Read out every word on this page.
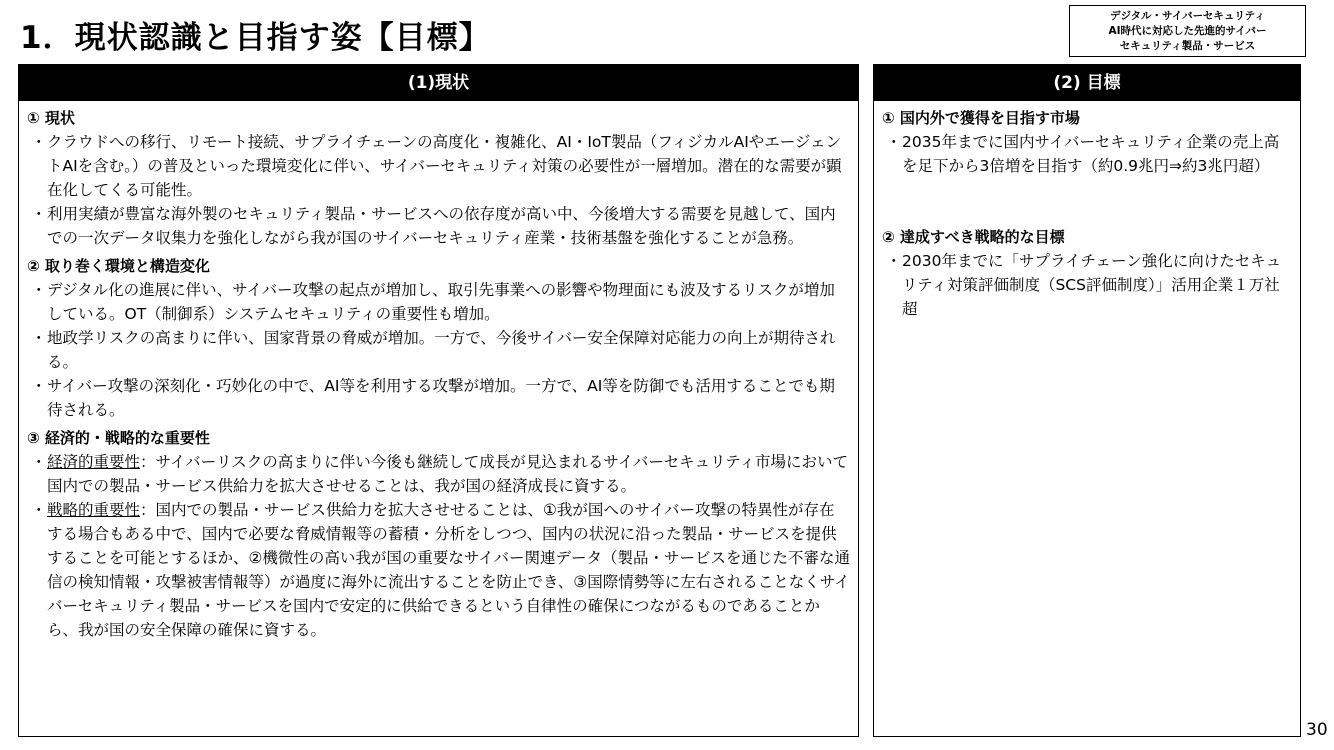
1．現状認識と目指す姿【目標】
デジタル・サイバーセキュリティ
AI時代に対応した先進的サイバー
セキュリティ製品・サービス
(1)現状
① 現状
・ クラウドへの移行、リモート接続、サプライチェーンの高度化・複雑化、AI・IoT製品（フィジカルAIやエージェントAIを含む。）の普及といった環境変化に伴い、サイバーセキュリティ対策の必要性が一層増加。潜在的な需要が顕在化してくる可能性。
・ 利用実績が豊富な海外製のセキュリティ製品・サービスへの依存度が高い中、今後増大する需要を見越して、国内での一次データ収集力を強化しながら我が国のサイバーセキュリティ産業・技術基盤を強化することが急務。
② 取り巻く環境と構造変化
・ デジタル化の進展に伴い、サイバー攻撃の起点が増加し、取引先事業への影響や物理面にも波及するリスクが増加している。OT（制御系）システムセキュリティの重要性も増加。
・ 地政学リスクの高まりに伴い、国家背景の脅威が増加。一方で、今後サイバー安全保障対応能力の向上が期待される。
・ サイバー攻撃の深刻化・巧妙化の中で、AI等を利用する攻撃が増加。一方で、AI等を防御でも活用することでも期待される。
③ 経済的・戦略的な重要性
・ 経済的重要性：サイバーリスクの高まりに伴い今後も継続して成長が見込まれるサイバーセキュリティ市場において国内での製品・サービス供給力を拡大させせることは、我が国の経済成長に資する。
・ 戦略的重要性：国内での製品・サービス供給力を拡大させせることは、①我が国へのサイバー攻撃の特異性が存在する場合もある中で、国内で必要な脅威情報等の蓄積・分析をしつつ、国内の状況に沿った製品・サービスを提供することを可能とするほか、②機微性の高い我が国の重要なサイバー関連データ（製品・サービスを通じた不審な通信の検知情報・攻撃被害情報等）が過度に海外に流出することを防止でき、③国際情勢等に左右されることなくサイバーセキュリティ製品・サービスを国内で安定的に供給できるという自律性の確保につながるものであることから、我が国の安全保障の確保に資する。
(2) 目標
① 国内外で獲得を目指す市場
・ 2035年までに国内サイバーセキュリティ企業の売上高を足下から3倍増を目指す（約0.9兆円⇒約3兆円超）
② 達成すべき戦略的な目標
・ 2030年までに「サプライチェーン強化に向けたセキュリティ対策評価制度（SCS評価制度）」活用企業１万社超
30
